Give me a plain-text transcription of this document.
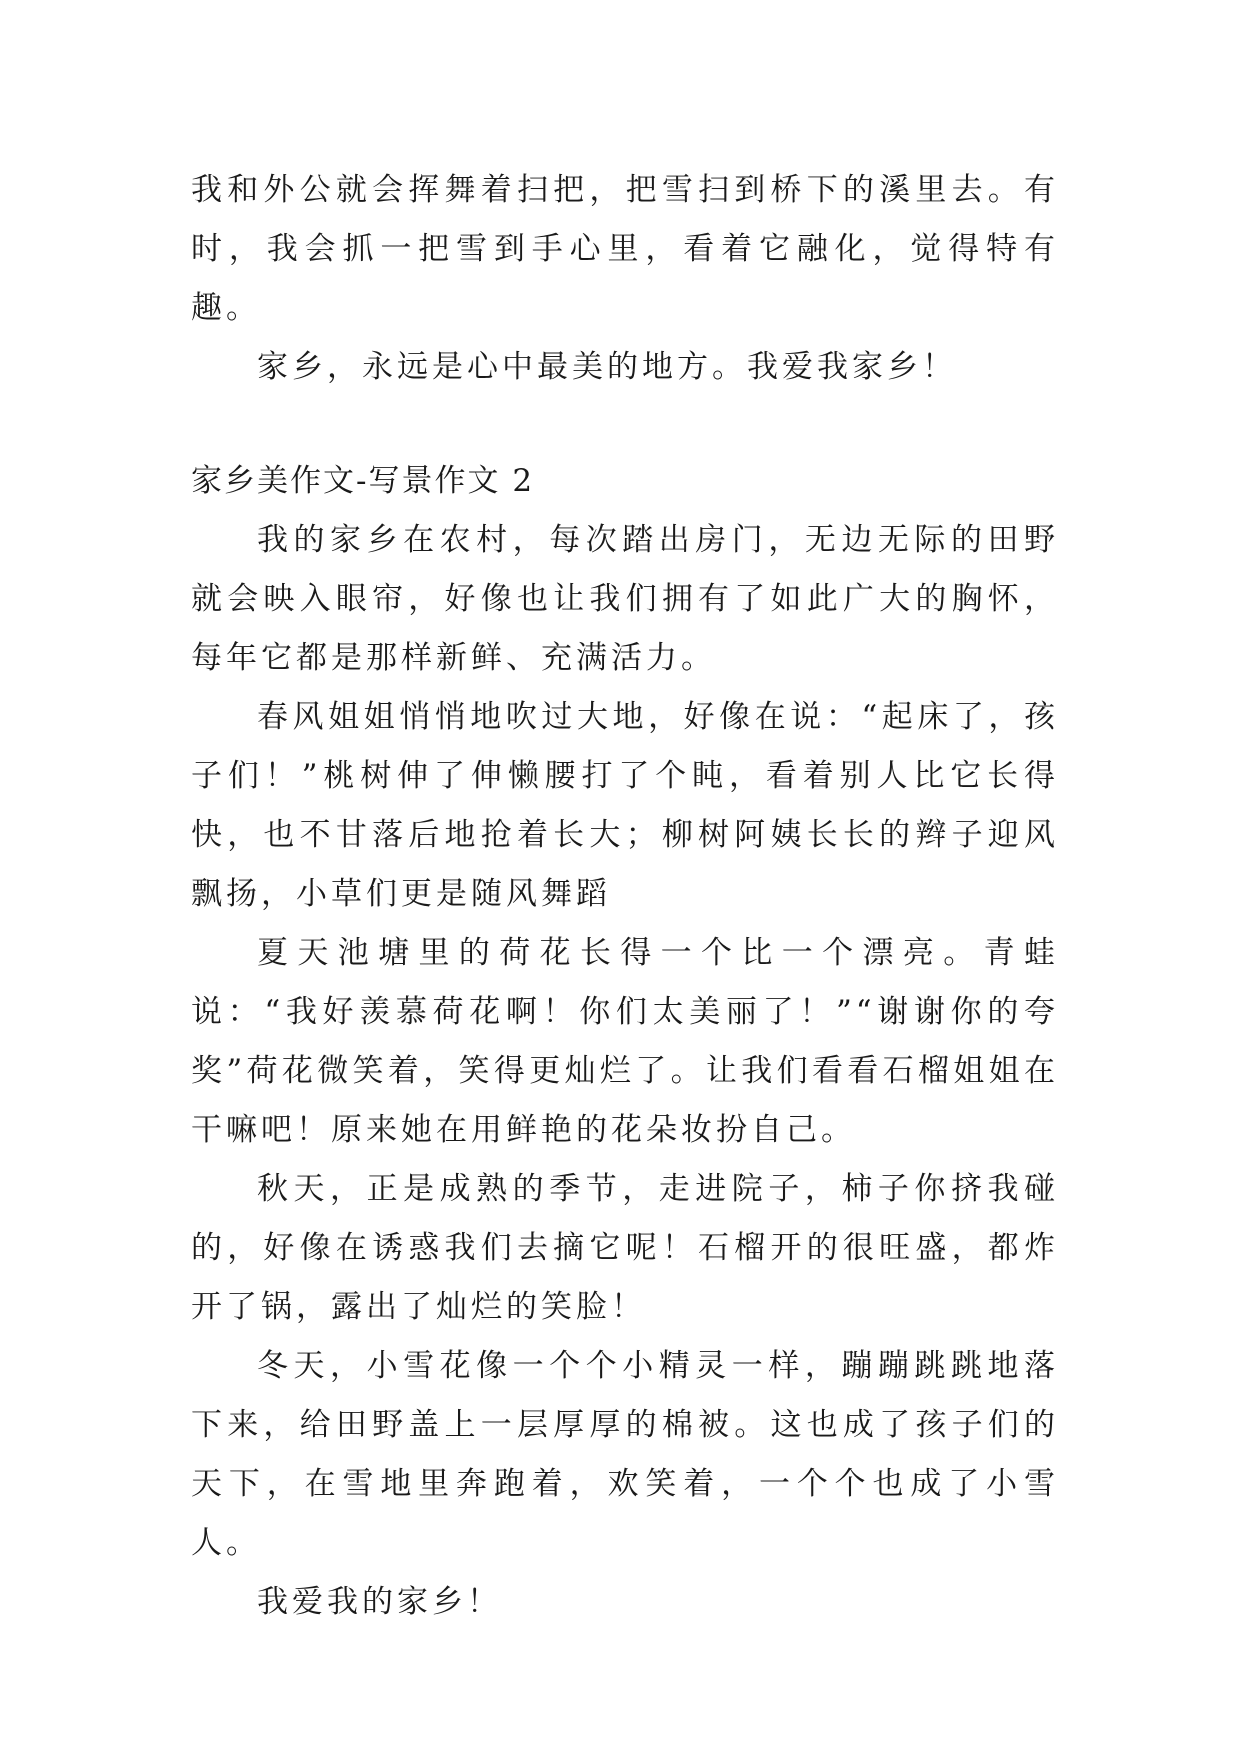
我和外公就会挥舞着扫把，把雪扫到桥下的溪里去。有时，我会抓一把雪到手心里，看着它融化，觉得特有趣。

家乡，永远是心中最美的地方。我爱我家乡！

家乡美作文-写景作文 2

我的家乡在农村，每次踏出房门，无边无际的田野就会映入眼帘，好像也让我们拥有了如此广大的胸怀，每年它都是那样新鲜、充满活力。

春风姐姐悄悄地吹过大地，好像在说：“起床了，孩子们！”桃树伸了伸懒腰打了个盹，看着别人比它长得快，也不甘落后地抢着长大；柳树阿姨长长的辫子迎风飘扬，小草们更是随风舞蹈

夏天池塘里的荷花长得一个比一个漂亮。青蛙说：“我好羡慕荷花啊！你们太美丽了！”“谢谢你的夸奖”荷花微笑着，笑得更灿烂了。让我们看看石榴姐姐在干嘛吧！原来她在用鲜艳的花朵妆扮自己。

秋天，正是成熟的季节，走进院子，柿子你挤我碰的，好像在诱惑我们去摘它呢！石榴开的很旺盛，都炸开了锅，露出了灿烂的笑脸！

冬天，小雪花像一个个小精灵一样，蹦蹦跳跳地落下来，给田野盖上一层厚厚的棉被。这也成了孩子们的天下，在雪地里奔跑着，欢笑着，一个个也成了小雪人。

我爱我的家乡！
